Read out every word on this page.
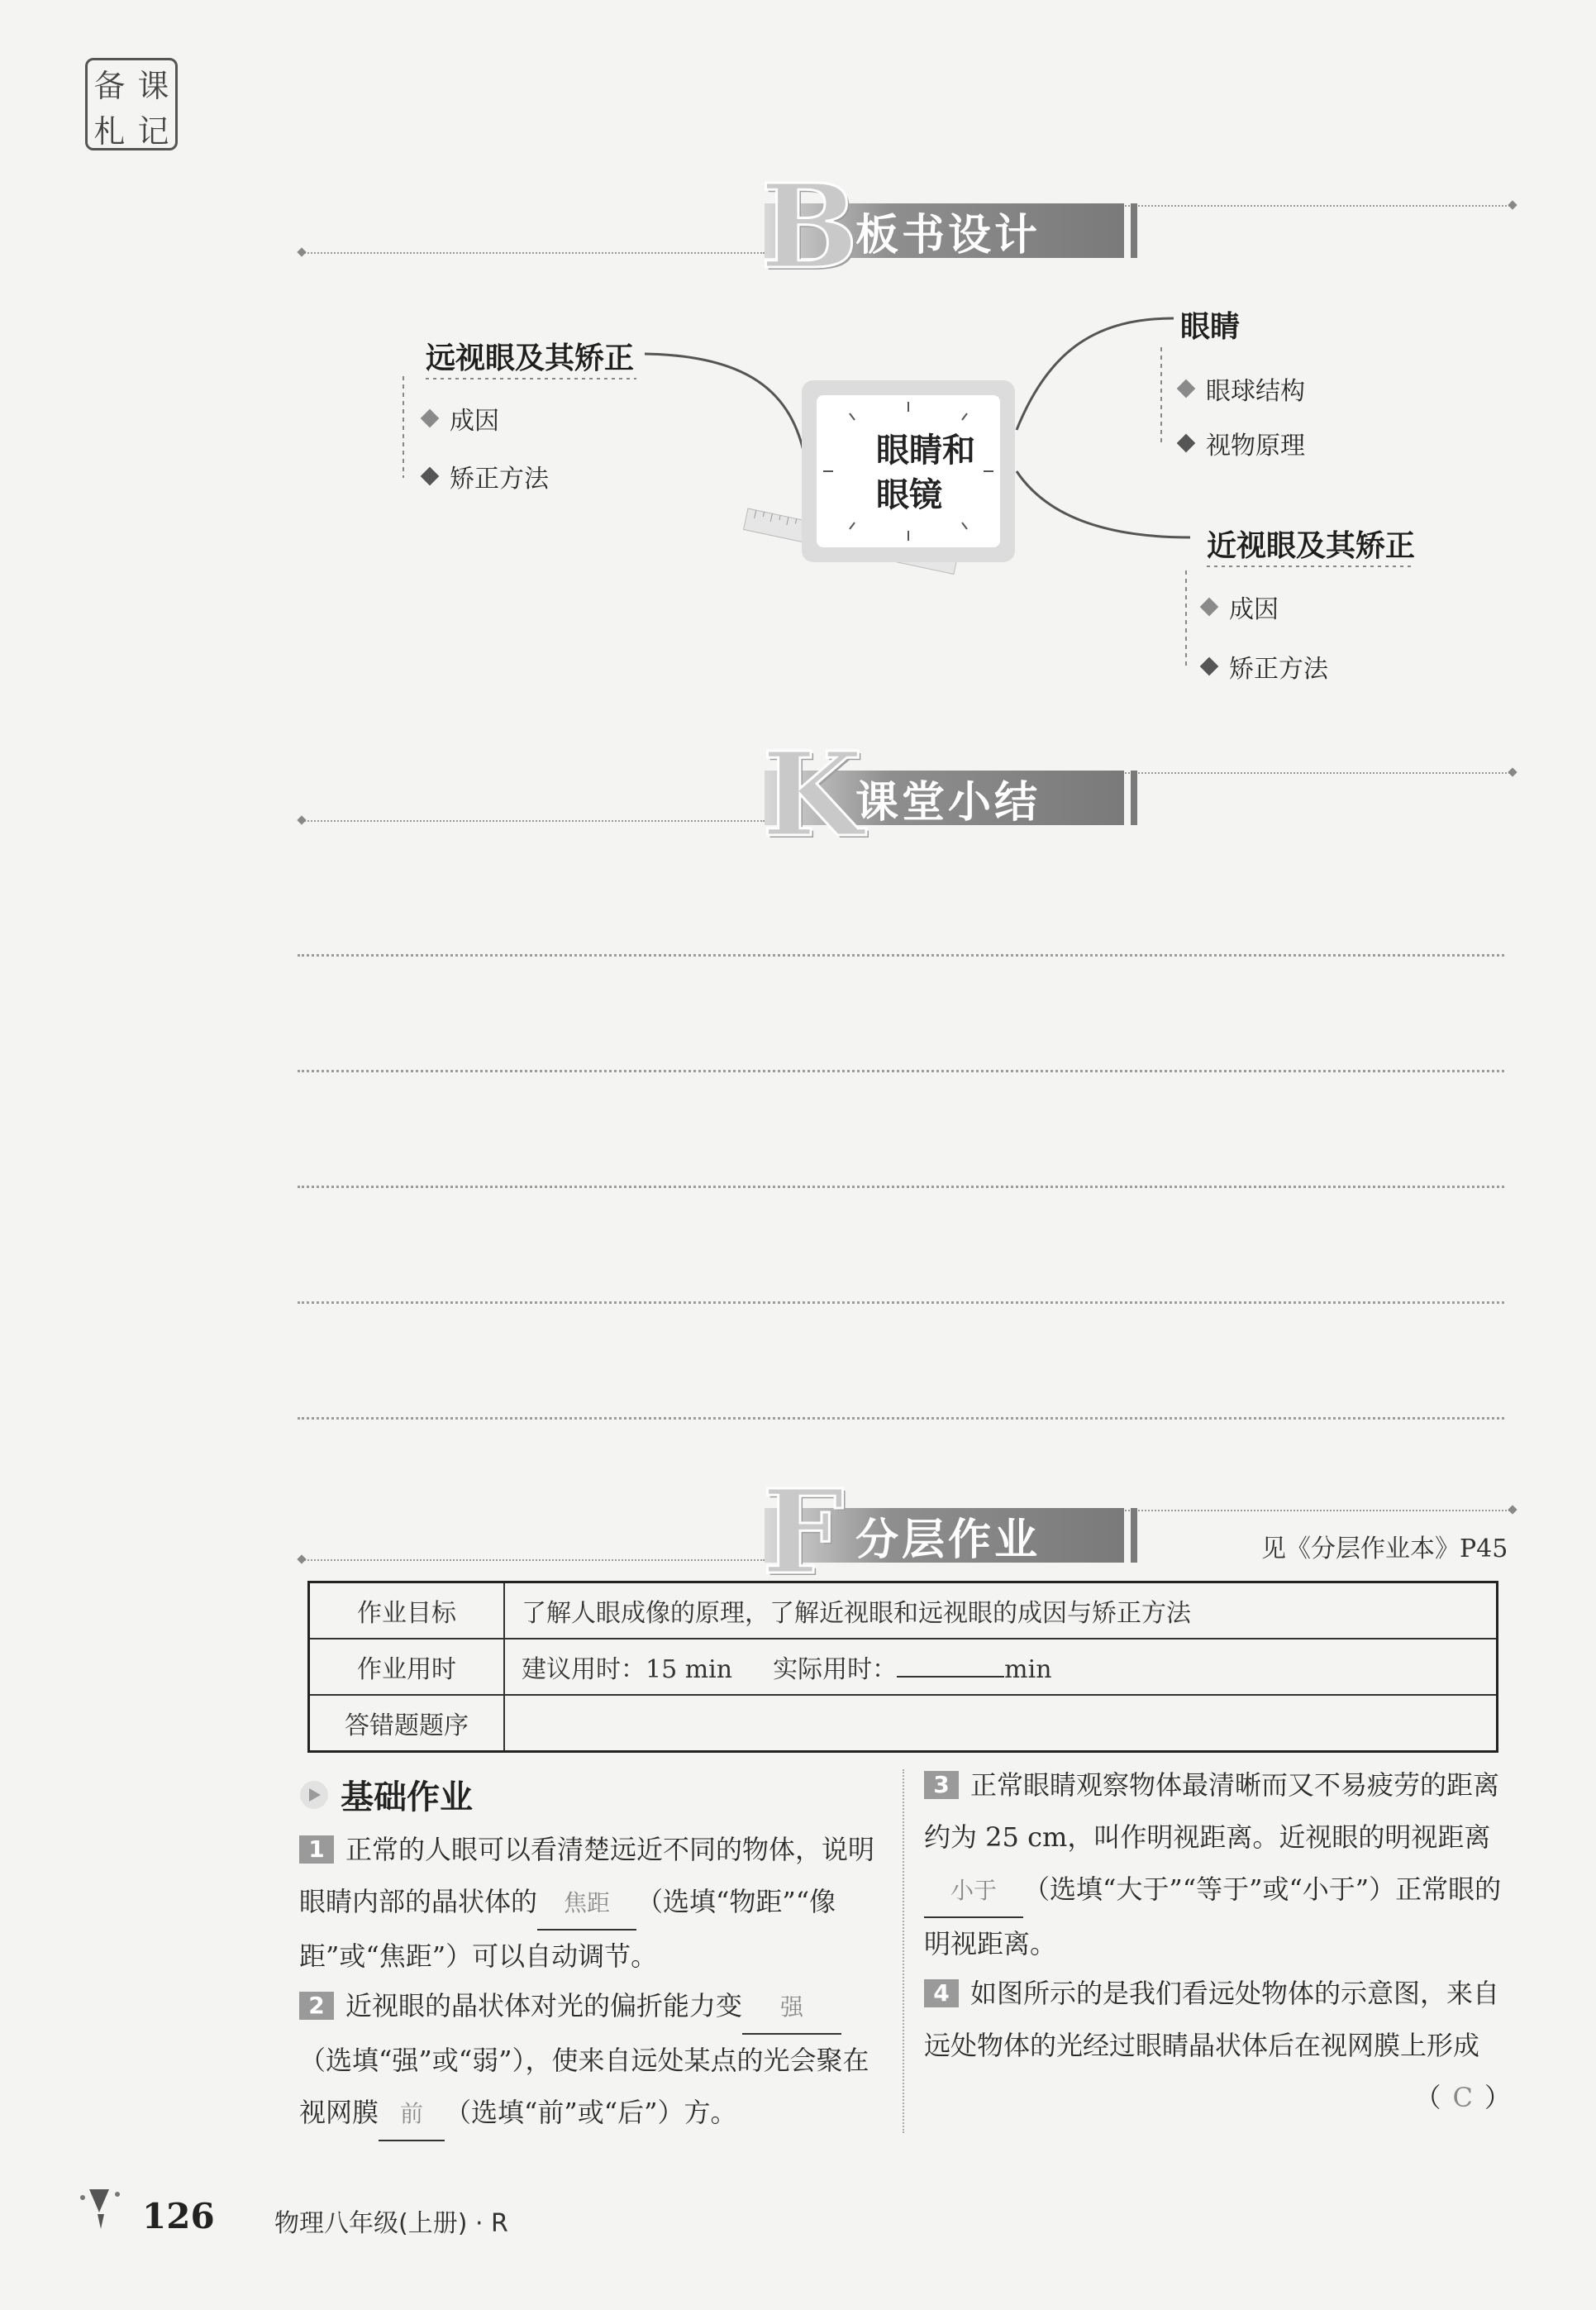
备 课
札 记
板书设计
B
眼睛和
眼镜
远视眼及其矫正
成因
矫正方法
眼睛
眼球结构
视物原理
近视眼及其矫正
成因
矫正方法
课堂小结
K
分层作业
F	见《分层作业本》P45
作业目标	了解人眼成像的原理，了解近视眼和远视眼的成因与矫正方法
作业用时	建议用时：15 min 实际用时： min
答错题题序	
基础作业
1 正常的人眼可以看清楚远近不同的物体，说明眼睛内部的晶状体的 焦距 （选填“物距”“像距”或“焦距”）可以自动调节。
2 近视眼的晶状体对光的偏折能力变 强（选填“强”或“弱”），使来自远处某点的光会聚在视网膜 前 （选填“前”或“后”）方。
3 正常眼睛观察物体最清晰而又不易疲劳的距离约为 25 cm，叫作明视距离。近视眼的明视距离小于 （选填“大于”“等于”或“小于”）正常眼的明视距离。
4 如图所示的是我们看远处物体的示意图，来自远处物体的光经过眼睛晶状体后在视网膜上形成
（ C ）
126 物理八年级(上册) · R
